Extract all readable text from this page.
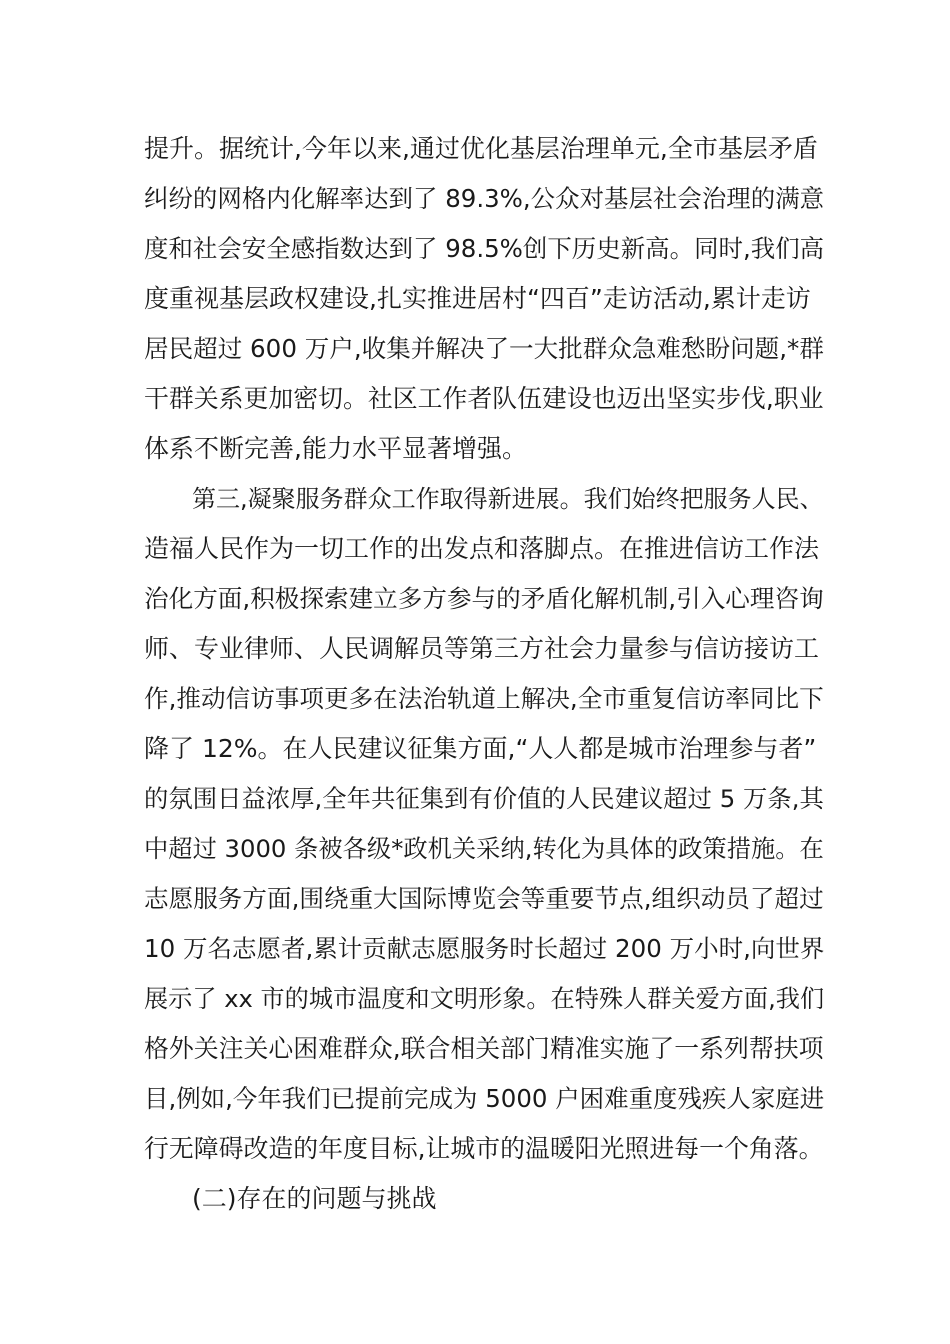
提升。据统计,今年以来,通过优化基层治理单元,全市基层矛盾
纠纷的网格内化解率达到了 89.3%,公众对基层社会治理的满意
度和社会安全感指数达到了 98.5%创下历史新高。同时,我们高
度重视基层政权建设,扎实推进居村“四百”走访活动,累计走访
居民超过 600 万户,收集并解决了一大批群众急难愁盼问题,*群
干群关系更加密切。社区工作者队伍建设也迈出坚实步伐,职业
体系不断完善,能力水平显著增强。
第三,凝聚服务群众工作取得新进展。我们始终把服务人民、
造福人民作为一切工作的出发点和落脚点。在推进信访工作法
治化方面,积极探索建立多方参与的矛盾化解机制,引入心理咨询
师、专业律师、人民调解员等第三方社会力量参与信访接访工
作,推动信访事项更多在法治轨道上解决,全市重复信访率同比下
降了 12%。在人民建议征集方面,“人人都是城市治理参与者”
的氛围日益浓厚,全年共征集到有价值的人民建议超过 5 万条,其
中超过 3000 条被各级*政机关采纳,转化为具体的政策措施。在
志愿服务方面,围绕重大国际博览会等重要节点,组织动员了超过
10 万名志愿者,累计贡献志愿服务时长超过 200 万小时,向世界
展示了 xx 市的城市温度和文明形象。在特殊人群关爱方面,我们
格外关注关心困难群众,联合相关部门精准实施了一系列帮扶项
目,例如,今年我们已提前完成为 5000 户困难重度残疾人家庭进
行无障碍改造的年度目标,让城市的温暖阳光照进每一个角落。
(二)存在的问题与挑战
